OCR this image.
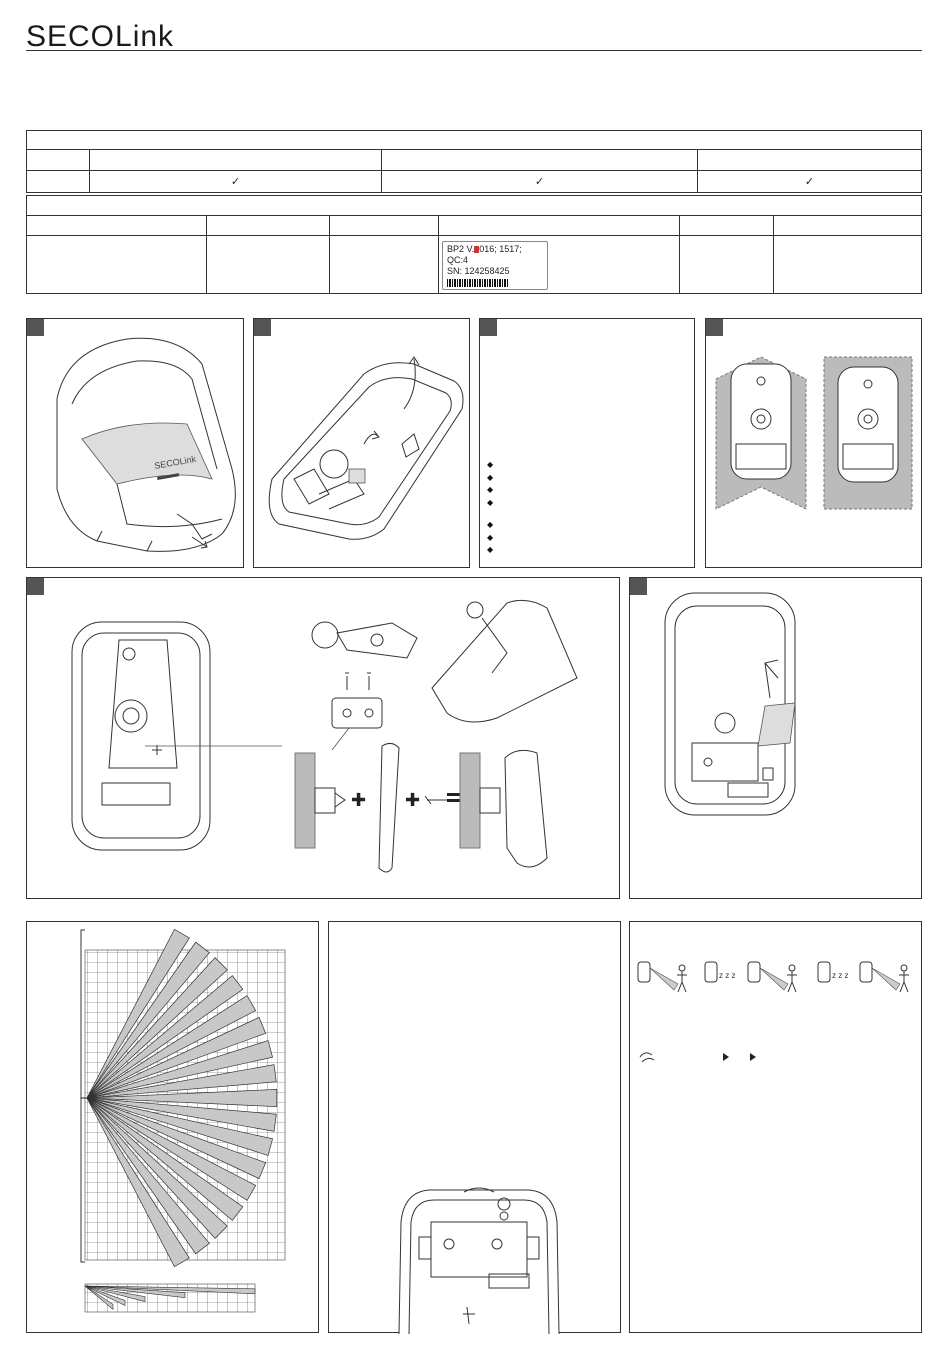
SECOLink

	✓	✓	✓

			BP2 V. 016; 1517; QC:4
SN: 124258425		

SECOLink	◆
◆
◆
◆
◆
◆
◆
✚ ✚
z z z	z z z
